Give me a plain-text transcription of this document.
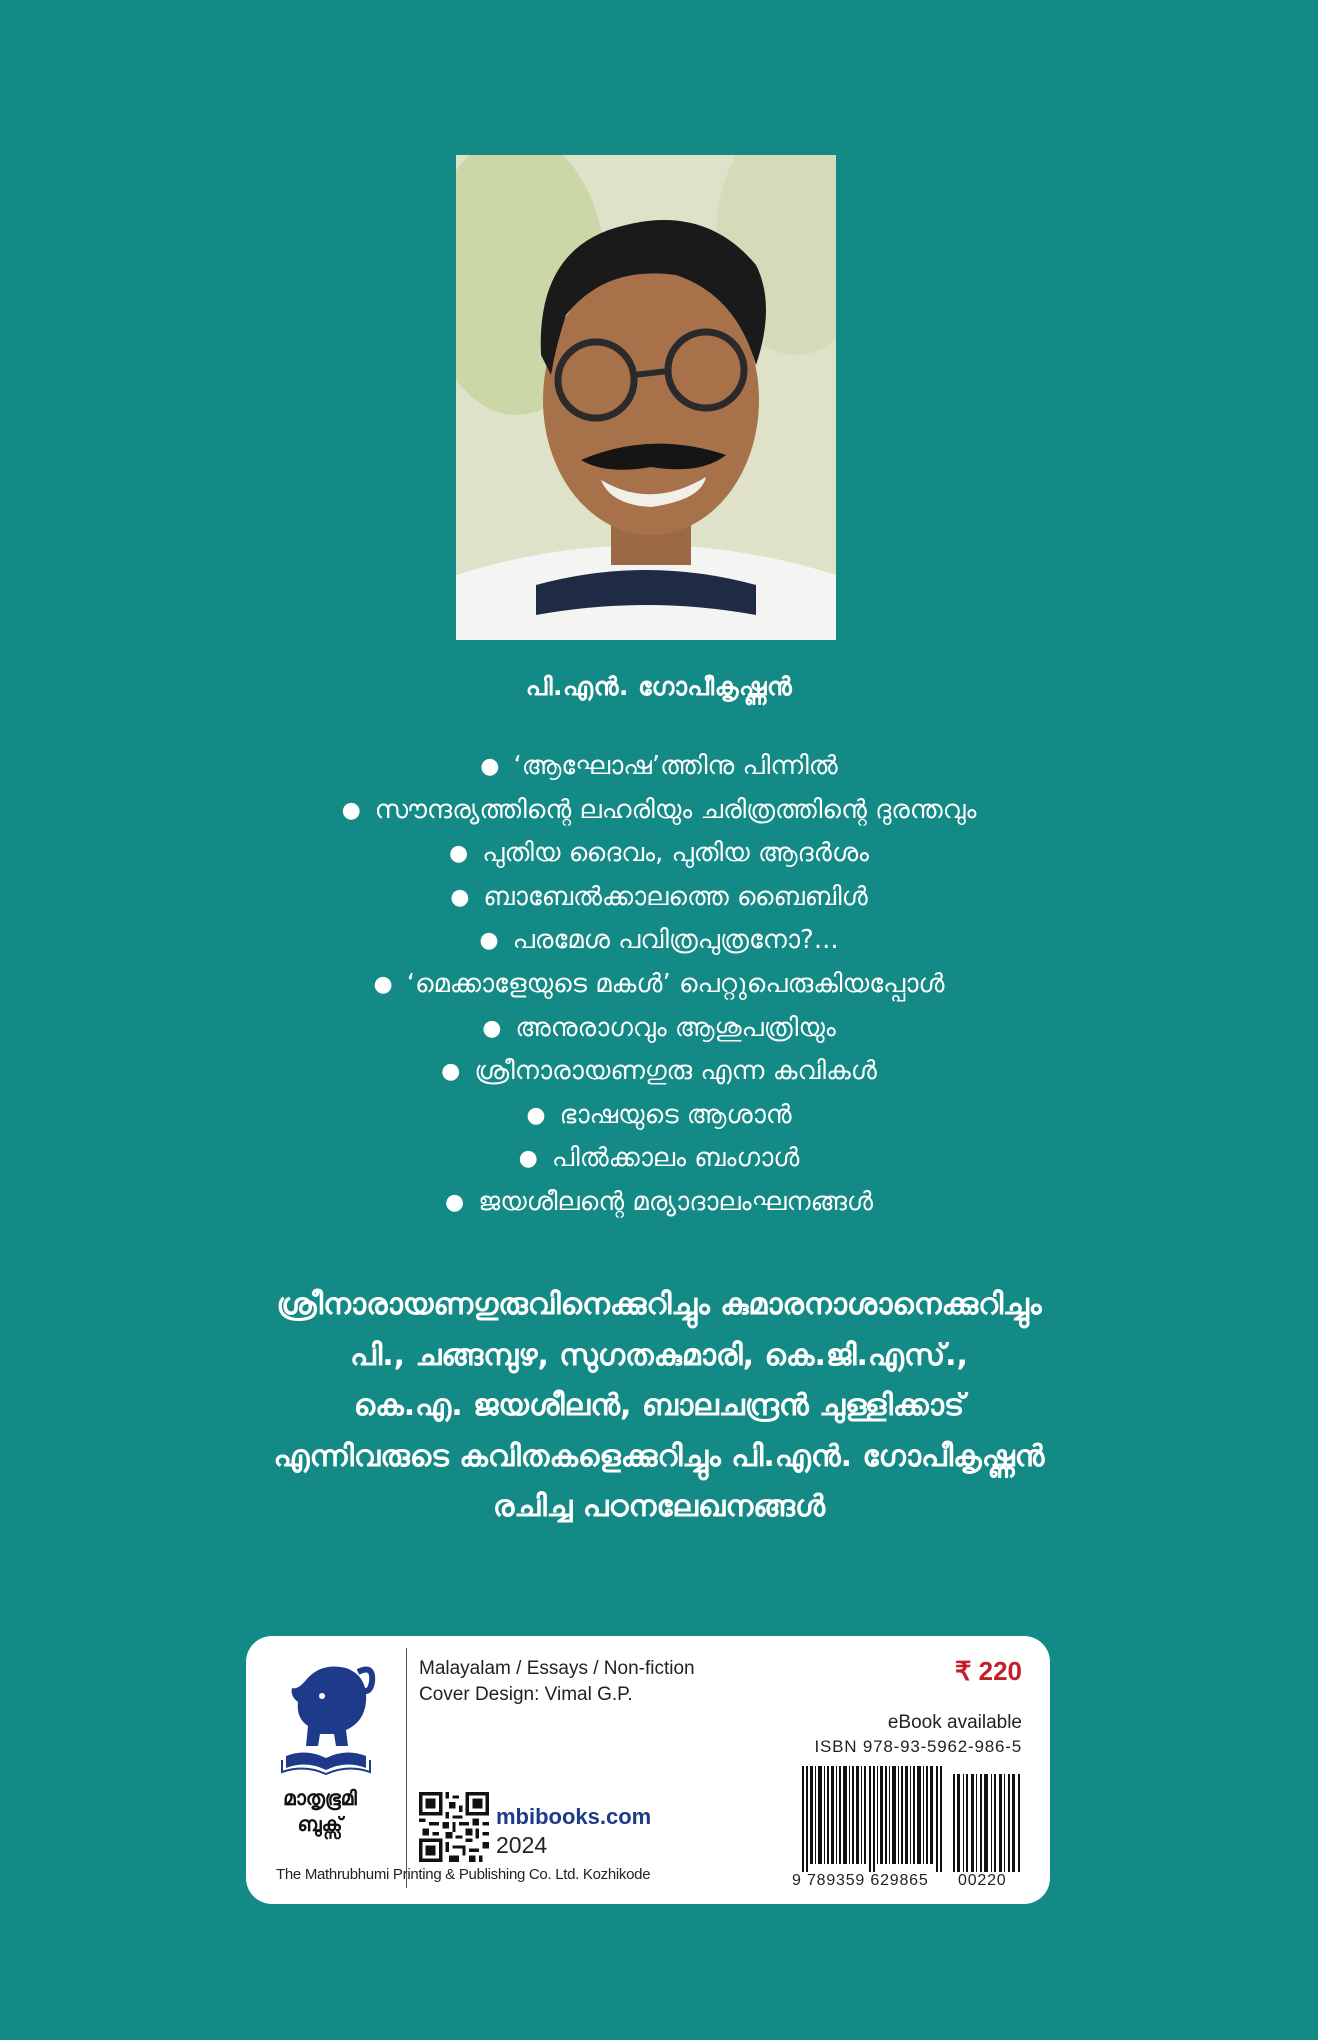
പി.എൻ. ഗോപീകൃഷ്ണൻ
● ‘ആഘോഷ’ത്തിനു പിന്നിൽ
● സൗന്ദര്യത്തിന്റെ ലഹരിയും ചരിത്രത്തിന്റെ ദുരന്തവും
● പുതിയ ദൈവം, പുതിയ ആദർശം
● ബാബേൽക്കാലത്തെ ബൈബിൾ
● പരമേശ പവിത്രപുത്രനോ?...
● ‘മെക്കാളേയുടെ മകൾ’ പെറ്റുപെരുകിയപ്പോൾ
● അനുരാഗവും ആശുപത്രിയും
● ശ്രീനാരായണഗുരു എന്ന കവികൾ
● ഭാഷയുടെ ആശാൻ
● പിൽക്കാലം ബംഗാൾ
● ജയശീലന്റെ മര്യാദാലംഘനങ്ങൾ
ശ്രീനാരായണഗുരുവിനെക്കുറിച്ചും കുമാരനാശാനെക്കുറിച്ചും
പി., ചങ്ങമ്പുഴ, സുഗതകുമാരി, കെ.ജി.എസ്.,
കെ.എ. ജയശീലൻ, ബാലചന്ദ്രൻ ചുള്ളിക്കാട്
എന്നിവരുടെ കവിതകളെക്കുറിച്ചും പി.എൻ. ഗോപീകൃഷ്ണൻ
രചിച്ച പഠനലേഖനങ്ങൾ
മാതൃഭൂമി
ബുക്സ്
Malayalam / Essays / Non-fiction
Cover Design: Vimal G.P.
₹ 220
eBook available
ISBN 978-93-5962-986-5
mbibooks.com
2024
The Mathrubhumi Printing & Publishing Co. Ltd. Kozhikode	9 789359 629865 00220
